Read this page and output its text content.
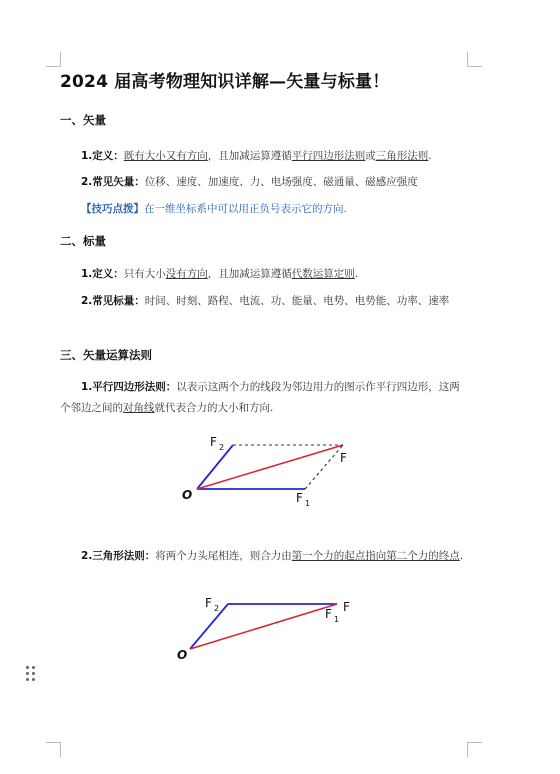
2024 届高考物理知识详解—矢量与标量！
一、矢量
1.定义：既有大小又有方向，且加减运算遵循平行四边形法则或三角形法则.
2.常见矢量：位移、速度、加速度、力、电场强度、磁通量、磁感应强度
【技巧点拨】在一维坐标系中可以用正负号表示它的方向.
二、标量
1.定义：只有大小没有方向，且加减运算遵循代数运算定则.
2.常见标量：时间、时刻、路程、电流、功、能量、电势、电势能、功率、速率
三、矢量运算法则
1.平行四边形法则：以表示这两个力的线段为邻边用力的图示作平行四边形，这两个邻边之间的对角线就代表合力的大小和方向.
O
F 2
F
F 1
2.三角形法则：将两个力头尾相连，则合力由第一个力的起点指向第二个力的终点.
O
F 2	F
F 1
